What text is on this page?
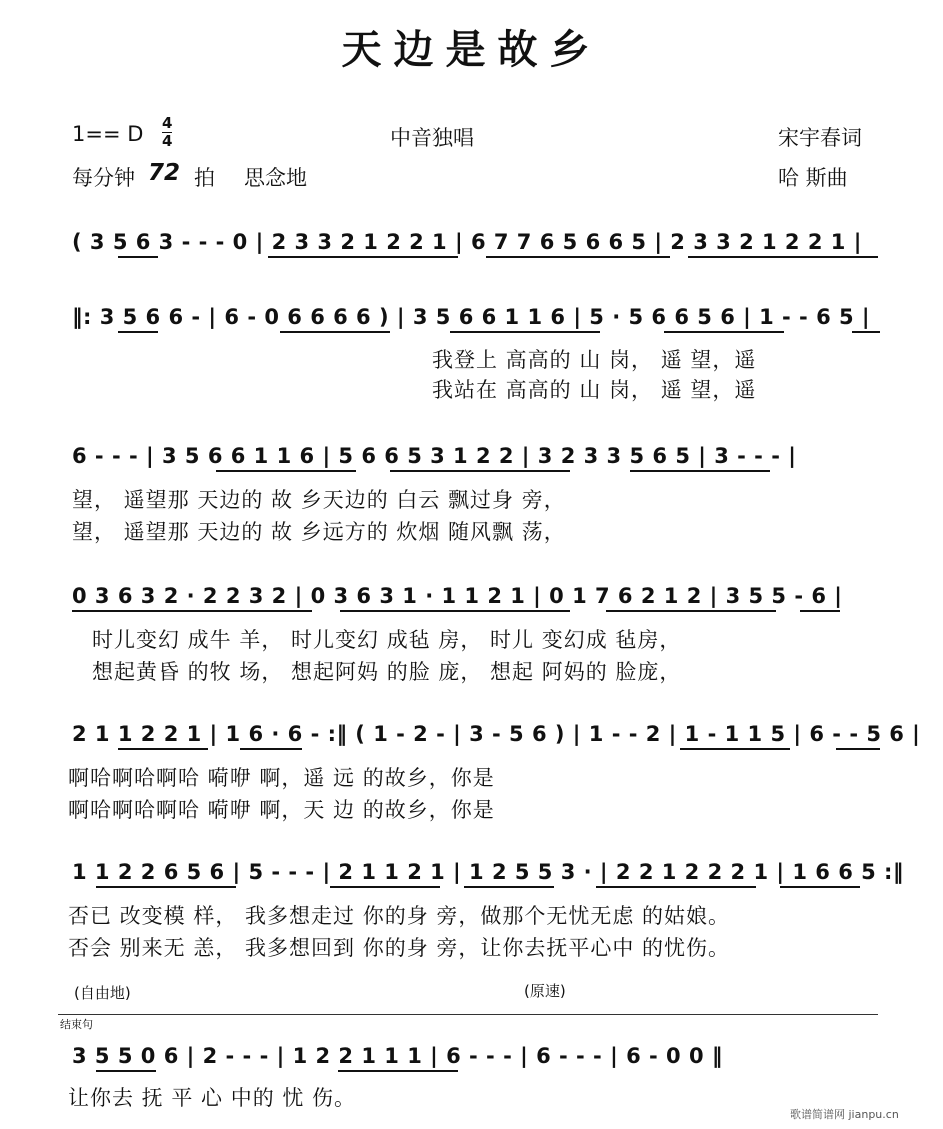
天边是故乡
1== D 4
4	中音独唱	宋宇春词
每分钟 72 拍 思念地	哈 斯曲
( 3 5 6 3 - - - 0 | 2 3 3 2 1 2 2 1 | 6 7 7 6 5 6 6 5 | 2 3 3 2 1 2 2 1 |
‖: 3 5 6 6 - | 6 - 0 6 6 6 6 ) | 3 5 6 6 1 1 6 | 5 · 5 6 6 5 6 | 1 - - 6 5 |
我登上 高高的 山 岗， 遥 望，遥
我站在 高高的 山 岗， 遥 望，遥
6 - - - | 3 5 6 6 1 1 6 | 5 6 6 5 3 1 2 2 | 3 2 3 3 5 6 5 | 3 - - - |
望， 遥望那 天边的 故 乡天边的 白云 飘过身 旁，
望， 遥望那 天边的 故 乡远方的 炊烟 随风飘 荡，
0 3 6 3 2 · 2 2 3 2 | 0 3 6 3 1 · 1 1 2 1 | 0 1 7 6 2 1 2 | 3 5 5 - 6 |
时儿变幻 成牛 羊， 时儿变幻 成毡 房， 时儿 变幻成 毡房，
想起黄昏 的牧 场， 想起阿妈 的脸 庞， 想起 阿妈的 脸庞，
2 1 1 2 2 1 | 1 6 · 6 - :‖ ( 1 - 2 - | 3 - 5 6 ) | 1 - - 2 | 1 - 1 1 5 | 6 - - 5 6 |
啊哈啊哈啊哈 嗬咿 啊，遥 远 的故乡，你是
啊哈啊哈啊哈 嗬咿 啊，天 边 的故乡，你是
1 1 2 2 6 5 6 | 5 - - - | 2 1 1 2 1 | 1 2 5 5 3 · | 2 2 1 2 2 2 1 | 1 6 6 5 :‖
否已 改变模 样， 我多想走过 你的身 旁，做那个无忧无虑 的姑娘。
否会 别来无 恙， 我多想回到 你的身 旁，让你去抚平心中 的忧伤。
(自由地)	(原速)
结束句
3 5 5 0 6 | 2 - - - | 1 2 2 1 1 1 | 6 - - - | 6 - - - | 6 - 0 0 ‖
让你去 抚 平 心 中的 忧 伤。
歌谱简谱网 jianpu.cn
